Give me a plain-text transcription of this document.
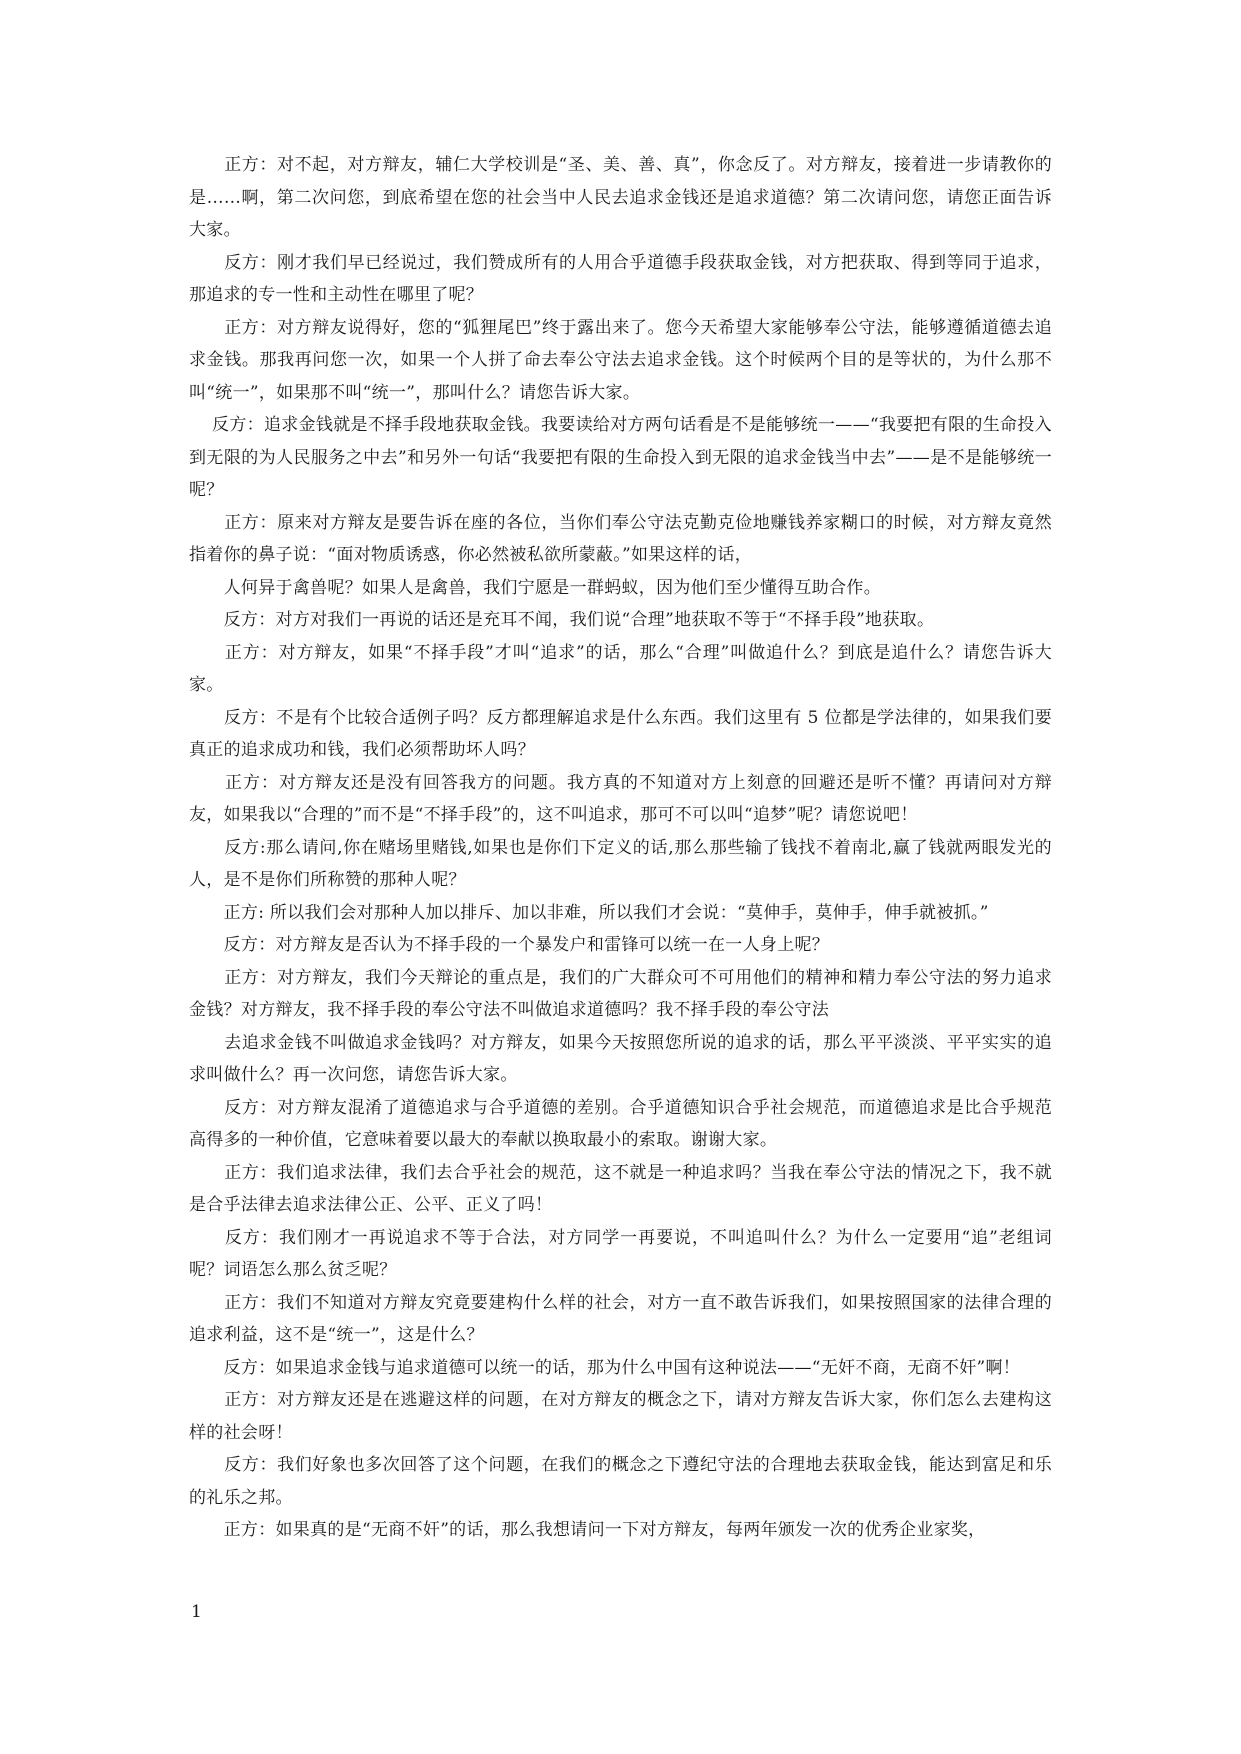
　　正方：对不起，对方辩友，辅仁大学校训是“圣、美、善、真”，你念反了。对方辩友，接着进一步请教你的是……啊，第二次问您，到底希望在您的社会当中人民去追求金钱还是追求道德？第二次请问您，请您正面告诉大家。

　　反方：刚才我们早已经说过，我们赞成所有的人用合乎道德手段获取金钱，对方把获取、得到等同于追求，那追求的专一性和主动性在哪里了呢？

　　正方：对方辩友说得好，您的“狐狸尾巴”终于露出来了。您今天希望大家能够奉公守法，能够遵循道德去追求金钱。那我再问您一次，如果一个人拼了命去奉公守法去追求金钱。这个时候两个目的是等状的，为什么那不叫“统一”，如果那不叫“统一”，那叫什么？请您告诉大家。

　 反方：追求金钱就是不择手段地获取金钱。我要读给对方两句话看是不是能够统一——“我要把有限的生命投入到无限的为人民服务之中去”和另外一句话“我要把有限的生命投入到无限的追求金钱当中去”——是不是能够统一呢？

　　正方：原来对方辩友是要告诉在座的各位，当你们奉公守法克勤克俭地赚钱养家糊口的时候，对方辩友竟然指着你的鼻子说：“面对物质诱惑，你必然被私欲所蒙蔽。”如果这样的话，

　　人何异于禽兽呢？如果人是禽兽，我们宁愿是一群蚂蚁，因为他们至少懂得互助合作。

　　反方：对方对我们一再说的话还是充耳不闻，我们说“合理”地获取不等于“不择手段”地获取。

　　正方：对方辩友，如果“不择手段”才叫“追求”的话，那么“合理”叫做追什么？到底是追什么？请您告诉大家。

　　反方：不是有个比较合适例子吗？反方都理解追求是什么东西。我们这里有 5 位都是学法律的，如果我们要真正的追求成功和钱，我们必须帮助坏人吗？

　　正方：对方辩友还是没有回答我方的问题。我方真的不知道对方上刻意的回避还是听不懂？再请问对方辩友，如果我以“合理的”而不是“不择手段”的，这不叫追求，那可不可以叫“追梦”呢？请您说吧！

　　反方:那么请问,你在赌场里赌钱,如果也是你们下定义的话,那么那些输了钱找不着南北,赢了钱就两眼发光的人，是不是你们所称赞的那种人呢？

　　正方: 所以我们会对那种人加以排斥、加以非难，所以我们才会说：“莫伸手，莫伸手，伸手就被抓。”

　　反方：对方辩友是否认为不择手段的一个暴发户和雷锋可以统一在一人身上呢？

　　正方：对方辩友，我们今天辩论的重点是，我们的广大群众可不可用他们的精神和精力奉公守法的努力追求金钱？对方辩友，我不择手段的奉公守法不叫做追求道德吗？我不择手段的奉公守法

　　去追求金钱不叫做追求金钱吗？对方辩友，如果今天按照您所说的追求的话，那么平平淡淡、平平实实的追求叫做什么？再一次问您，请您告诉大家。

　　反方：对方辩友混淆了道德追求与合乎道德的差别。合乎道德知识合乎社会规范，而道德追求是比合乎规范高得多的一种价值，它意味着要以最大的奉献以换取最小的索取。谢谢大家。

　　正方：我们追求法律，我们去合乎社会的规范，这不就是一种追求吗？当我在奉公守法的情况之下，我不就是合乎法律去追求法律公正、公平、正义了吗！

　　反方：我们刚才一再说追求不等于合法，对方同学一再要说，不叫追叫什么？为什么一定要用“追”老组词呢？词语怎么那么贫乏呢？

　　正方：我们不知道对方辩友究竟要建构什么样的社会，对方一直不敢告诉我们，如果按照国家的法律合理的追求利益，这不是“统一”，这是什么？

　　反方：如果追求金钱与追求道德可以统一的话，那为什么中国有这种说法——“无奸不商，无商不奸”啊！

　　正方：对方辩友还是在逃避这样的问题，在对方辩友的概念之下，请对方辩友告诉大家，你们怎么去建构这样的社会呀！

　　反方：我们好象也多次回答了这个问题，在我们的概念之下遵纪守法的合理地去获取金钱，能达到富足和乐的礼乐之邦。

　　正方：如果真的是“无商不奸”的话，那么我想请问一下对方辩友，每两年颁发一次的优秀企业家奖，

1
